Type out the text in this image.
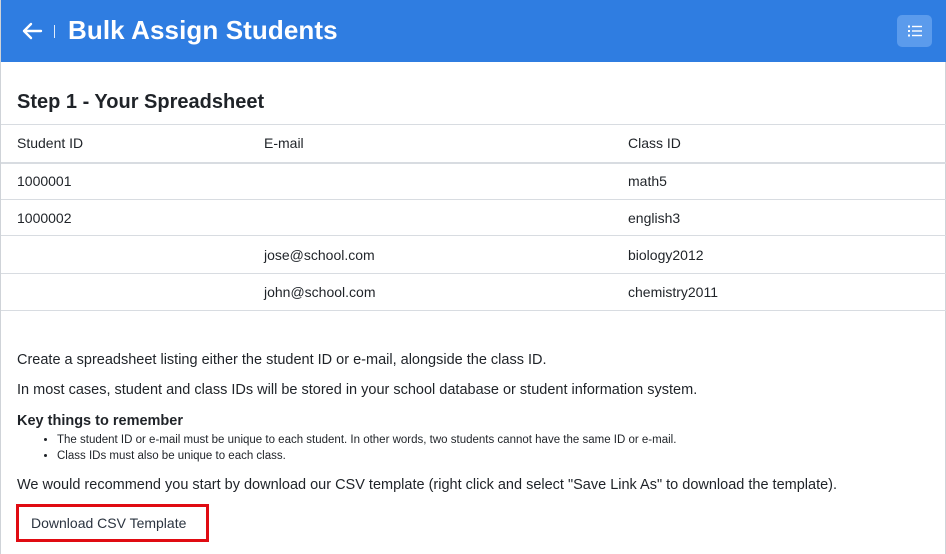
Bulk Assign Students
Step 1 - Your Spreadsheet
Student ID	E-mail	Class ID
1000001		math5
1000002		english3
	jose@school.com	biology2012
	john@school.com	chemistry2011
Create a spreadsheet listing either the student ID or e-mail, alongside the class ID.
In most cases, student and class IDs will be stored in your school database or student information system.
Key things to remember
• The student ID or e-mail must be unique to each student. In other words, two students cannot have the same ID or e-mail.
• Class IDs must also be unique to each class.
We would recommend you start by download our CSV template (right click and select "Save Link As" to download the template).
Download CSV Template
